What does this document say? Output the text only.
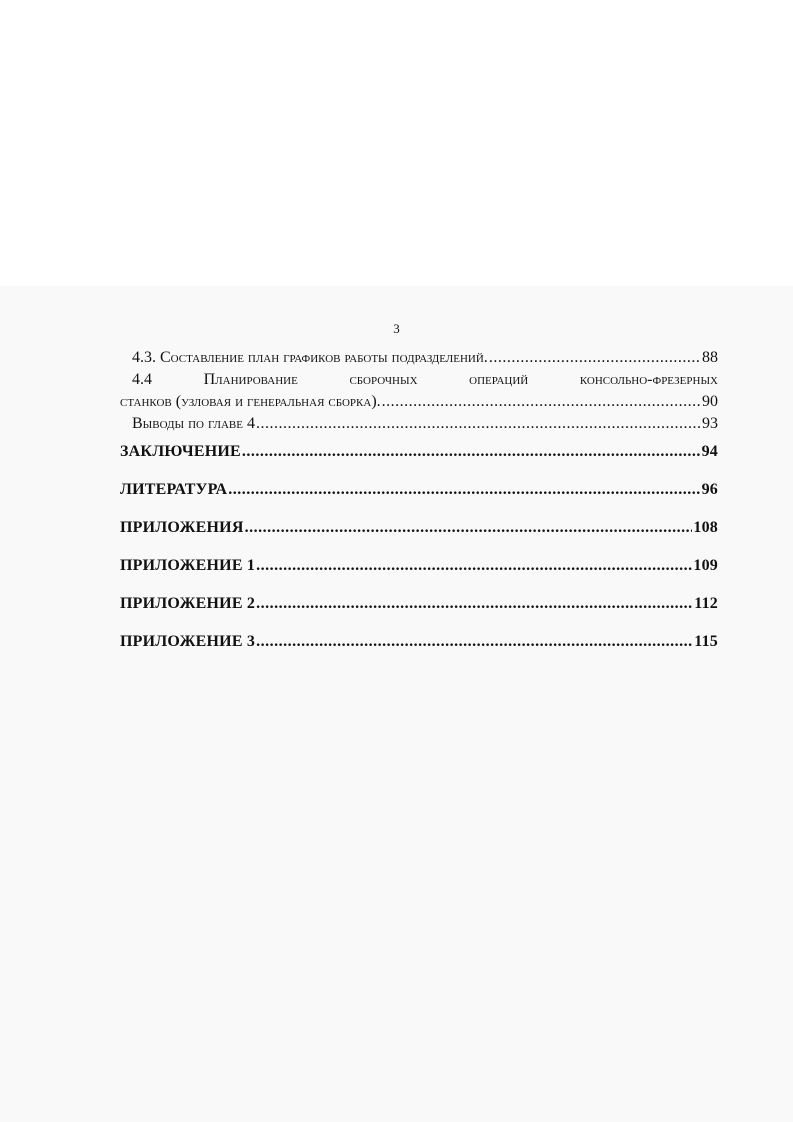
3
4.3. Составление план графиков работы подразделений. .....	88
4.4 Планирование сборочных операций консольно-фрезерных
станков (узловая и генеральная сборка). .....	90
Выводы по главе 4 .....	93
ЗАКЛЮЧЕНИЕ .....	94
ЛИТЕРАТУРА .....	96
ПРИЛОЖЕНИЯ .....	108
ПРИЛОЖЕНИЕ 1 .....	109
ПРИЛОЖЕНИЕ 2 .....	112
ПРИЛОЖЕНИЕ 3 .....	115
